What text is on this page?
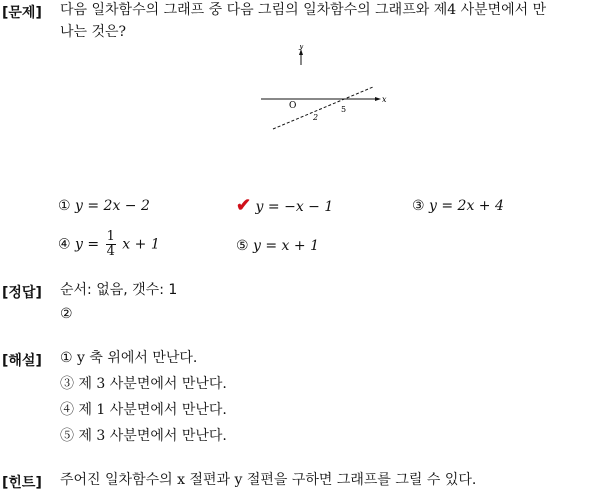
[문제] 다음 일차함수의 그래프 중 다음 그림의 일차함수의 그래프와 제4 사분면에서 만
나는 것은?
y
x
O	5
2
① y = 2x − 2	✔ y = −x − 1	③ y = 2x + 4
④ $y = \frac{1}{4}$ x + 1	⑤ y = x + 1
[정답] 순서: 없음, 갯수: 1
②
[해설] ① y 축 위에서 만난다.
③ 제 3 사분면에서 만난다.
④ 제 1 사분면에서 만난다.
⑤ 제 3 사분면에서 만난다.
[힌트] 주어진 일차함수의 x 절편과 y 절편을 구하면 그래프를 그릴 수 있다.
